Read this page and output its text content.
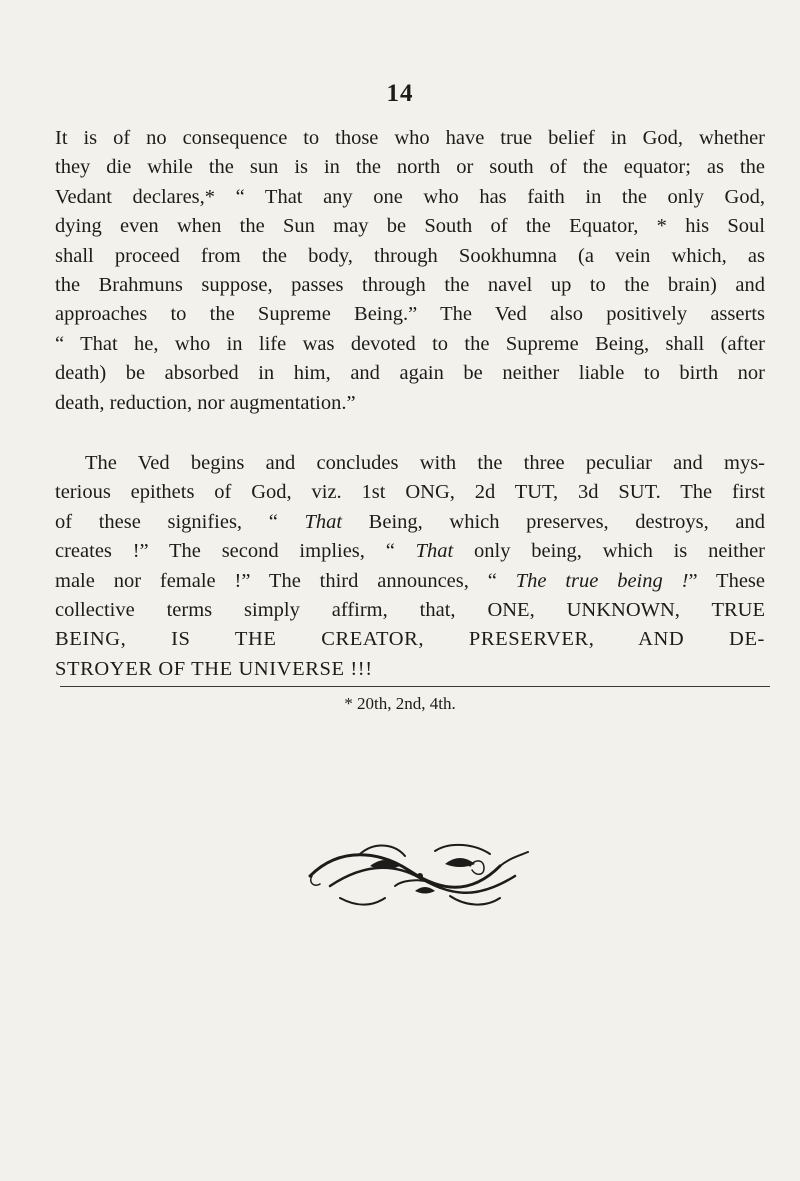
14
It is of no consequence to those who have true belief in God, whether
they die while the sun is in the north or south of the equator; as the
Vedant declares,* “ That any one who has faith in the only God,
dying even when the Sun may be South of the Equator, * his Soul
shall proceed from the body, through Sookhumna (a vein which, as
the Brahmuns suppose, passes through the navel up to the brain) and
approaches to the Supreme Being.” The Ved also positively asserts
“ That he, who in life was devoted to the Supreme Being, shall (after
death) be absorbed in him, and again be neither liable to birth nor
death, reduction, nor augmentation.”
The Ved begins and concludes with the three peculiar and mys-
terious epithets of God, viz. 1st ONG, 2d TUT, 3d SUT. The first
of these signifies, “ That Being, which preserves, destroys, and
creates !” The second implies, “ That only being, which is neither
male nor female !” The third announces, “ The true being !” These
collective terms simply affirm, that, ONE, UNKNOWN, TRUE
BEING, IS THE CREATOR, PRESERVER, AND DE-
STROYER OF THE UNIVERSE !!!
* 20th, 2nd, 4th.
